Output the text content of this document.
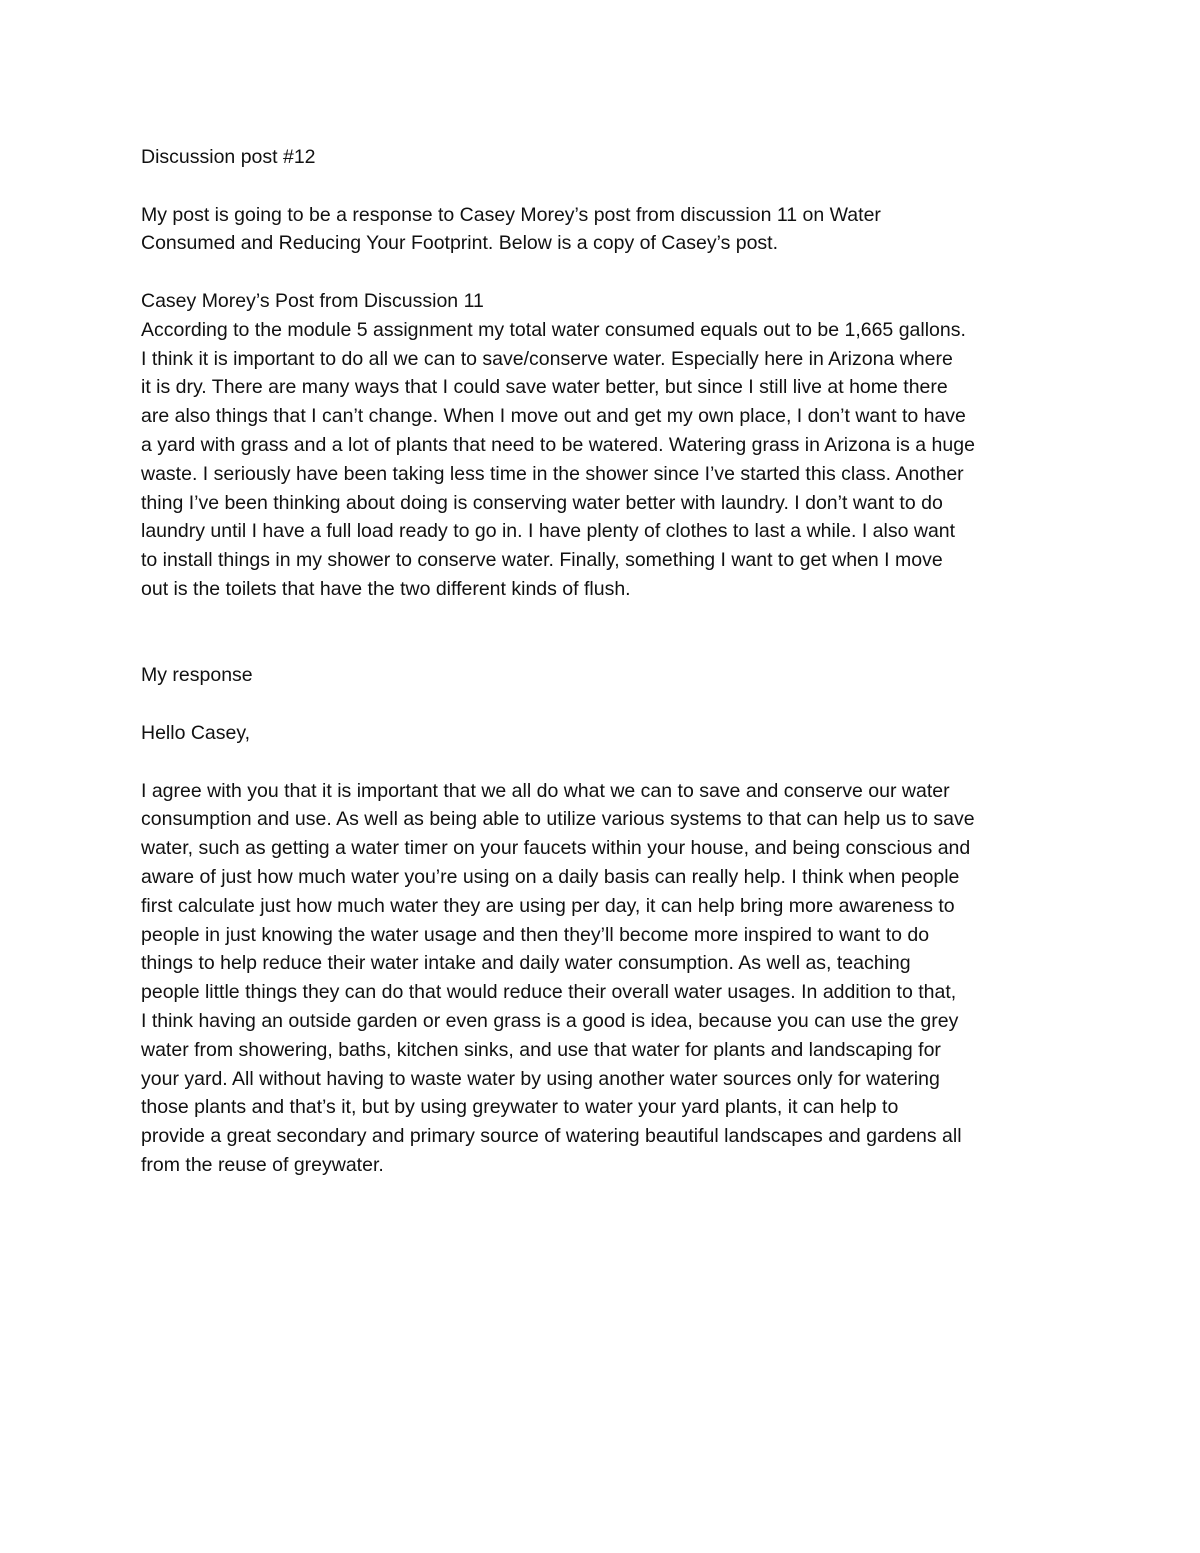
Discussion post #12

My post is going to be a response to Casey Morey’s post from discussion 11 on Water

Consumed and Reducing Your Footprint. Below is a copy of Casey’s post.

Casey Morey’s Post from Discussion 11

According to the module 5 assignment my total water consumed equals out to be 1,665 gallons.

I think it is important to do all we can to save/conserve water. Especially here in Arizona where

it is dry. There are many ways that I could save water better, but since I still live at home there

are also things that I can’t change. When I move out and get my own place, I don’t want to have

a yard with grass and a lot of plants that need to be watered. Watering grass in Arizona is a huge

waste. I seriously have been taking less time in the shower since I’ve started this class. Another

thing I’ve been thinking about doing is conserving water better with laundry. I don’t want to do

laundry until I have a full load ready to go in. I have plenty of clothes to last a while. I also want

to install things in my shower to conserve water. Finally, something I want to get when I move

out is the toilets that have the two different kinds of flush.

My response

Hello Casey,

I agree with you that it is important that we all do what we can to save and conserve our water

consumption and use. As well as being able to utilize various systems to that can help us to save

water, such as getting a water timer on your faucets within your house, and being conscious and

aware of just how much water you’re using on a daily basis can really help. I think when people

first calculate just how much water they are using per day, it can help bring more awareness to

people in just knowing the water usage and then they’ll become more inspired to want to do

things to help reduce their water intake and daily water consumption. As well as, teaching

people little things they can do that would reduce their overall water usages. In addition to that,

I think having an outside garden or even grass is a good is idea, because you can use the grey

water from showering, baths, kitchen sinks, and use that water for plants and landscaping for

your yard. All without having to waste water by using another water sources only for watering

those plants and that’s it, but by using greywater to water your yard plants, it can help to

provide a great secondary and primary source of watering beautiful landscapes and gardens all

from the reuse of greywater.
